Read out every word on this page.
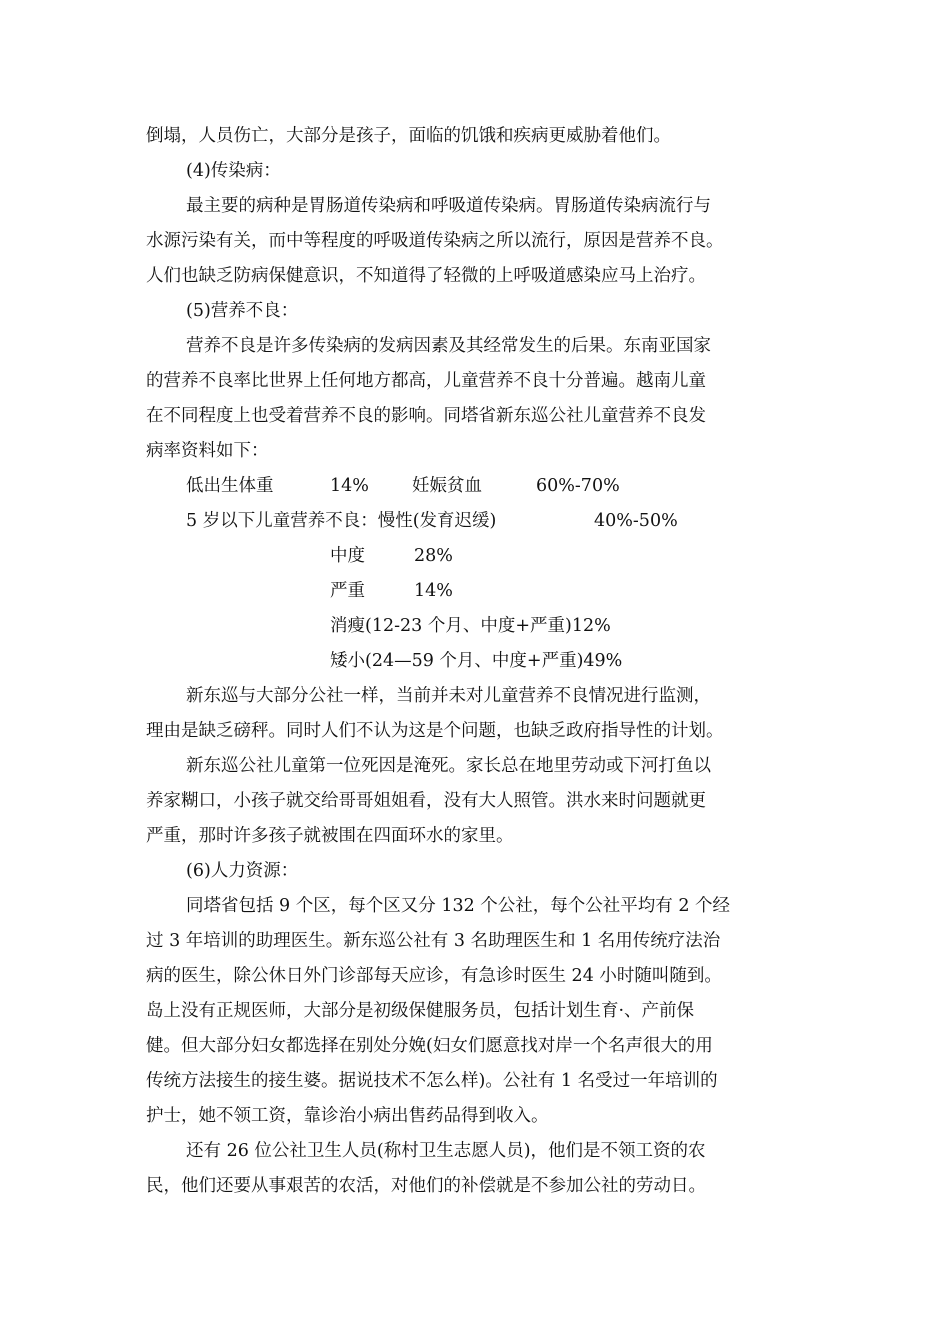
倒塌，人员伤亡，大部分是孩子，面临的饥饿和疾病更威胁着他们。
(4)传染病：
最主要的病种是胃肠道传染病和呼吸道传染病。胃肠道传染病流行与
水源污染有关，而中等程度的呼吸道传染病之所以流行，原因是营养不良。
人们也缺乏防病保健意识，不知道得了轻微的上呼吸道感染应马上治疗。
(5)营养不良：
营养不良是许多传染病的发病因素及其经常发生的后果。东南亚国家
的营养不良率比世界上任何地方都高，儿童营养不良十分普遍。越南儿童
在不同程度上也受着营养不良的影响。同塔省新东巡公社儿童营养不良发
病率资料如下：
低出生体重	14% 妊娠贫血	60%-70%
5 岁以下儿童营养不良：慢性(发育迟缓)	40%-50%
中度	28%
严重	14%
消瘦(12-23 个月、中度+严重)12%
矮小(24—59 个月、中度+严重)49%
新东巡与大部分公社一样，当前并未对儿童营养不良情况进行监测，
理由是缺乏磅秤。同时人们不认为这是个问题，也缺乏政府指导性的计划。
新东巡公社儿童第一位死因是淹死。家长总在地里劳动或下河打鱼以
养家糊口，小孩子就交给哥哥姐姐看，没有大人照管。洪水来时问题就更
严重，那时许多孩子就被围在四面环水的家里。
(6)人力资源：
同塔省包括 9 个区，每个区又分 132 个公社，每个公社平均有 2 个经
过 3 年培训的助理医生。新东巡公社有 3 名助理医生和 1 名用传统疗法治
病的医生，除公休日外门诊部每天应诊，有急诊时医生 24 小时随叫随到。
岛上没有正规医师，大部分是初级保健服务员，包括计划生育·、产前保
健。但大部分妇女都选择在别处分娩(妇女们愿意找对岸一个名声很大的用
传统方法接生的接生婆。据说技术不怎么样)。公社有 1 名受过一年培训的
护士，她不领工资，靠诊治小病出售药品得到收入。
还有 26 位公社卫生人员(称村卫生志愿人员)，他们是不领工资的农
民，他们还要从事艰苦的农活，对他们的补偿就是不参加公社的劳动日。
